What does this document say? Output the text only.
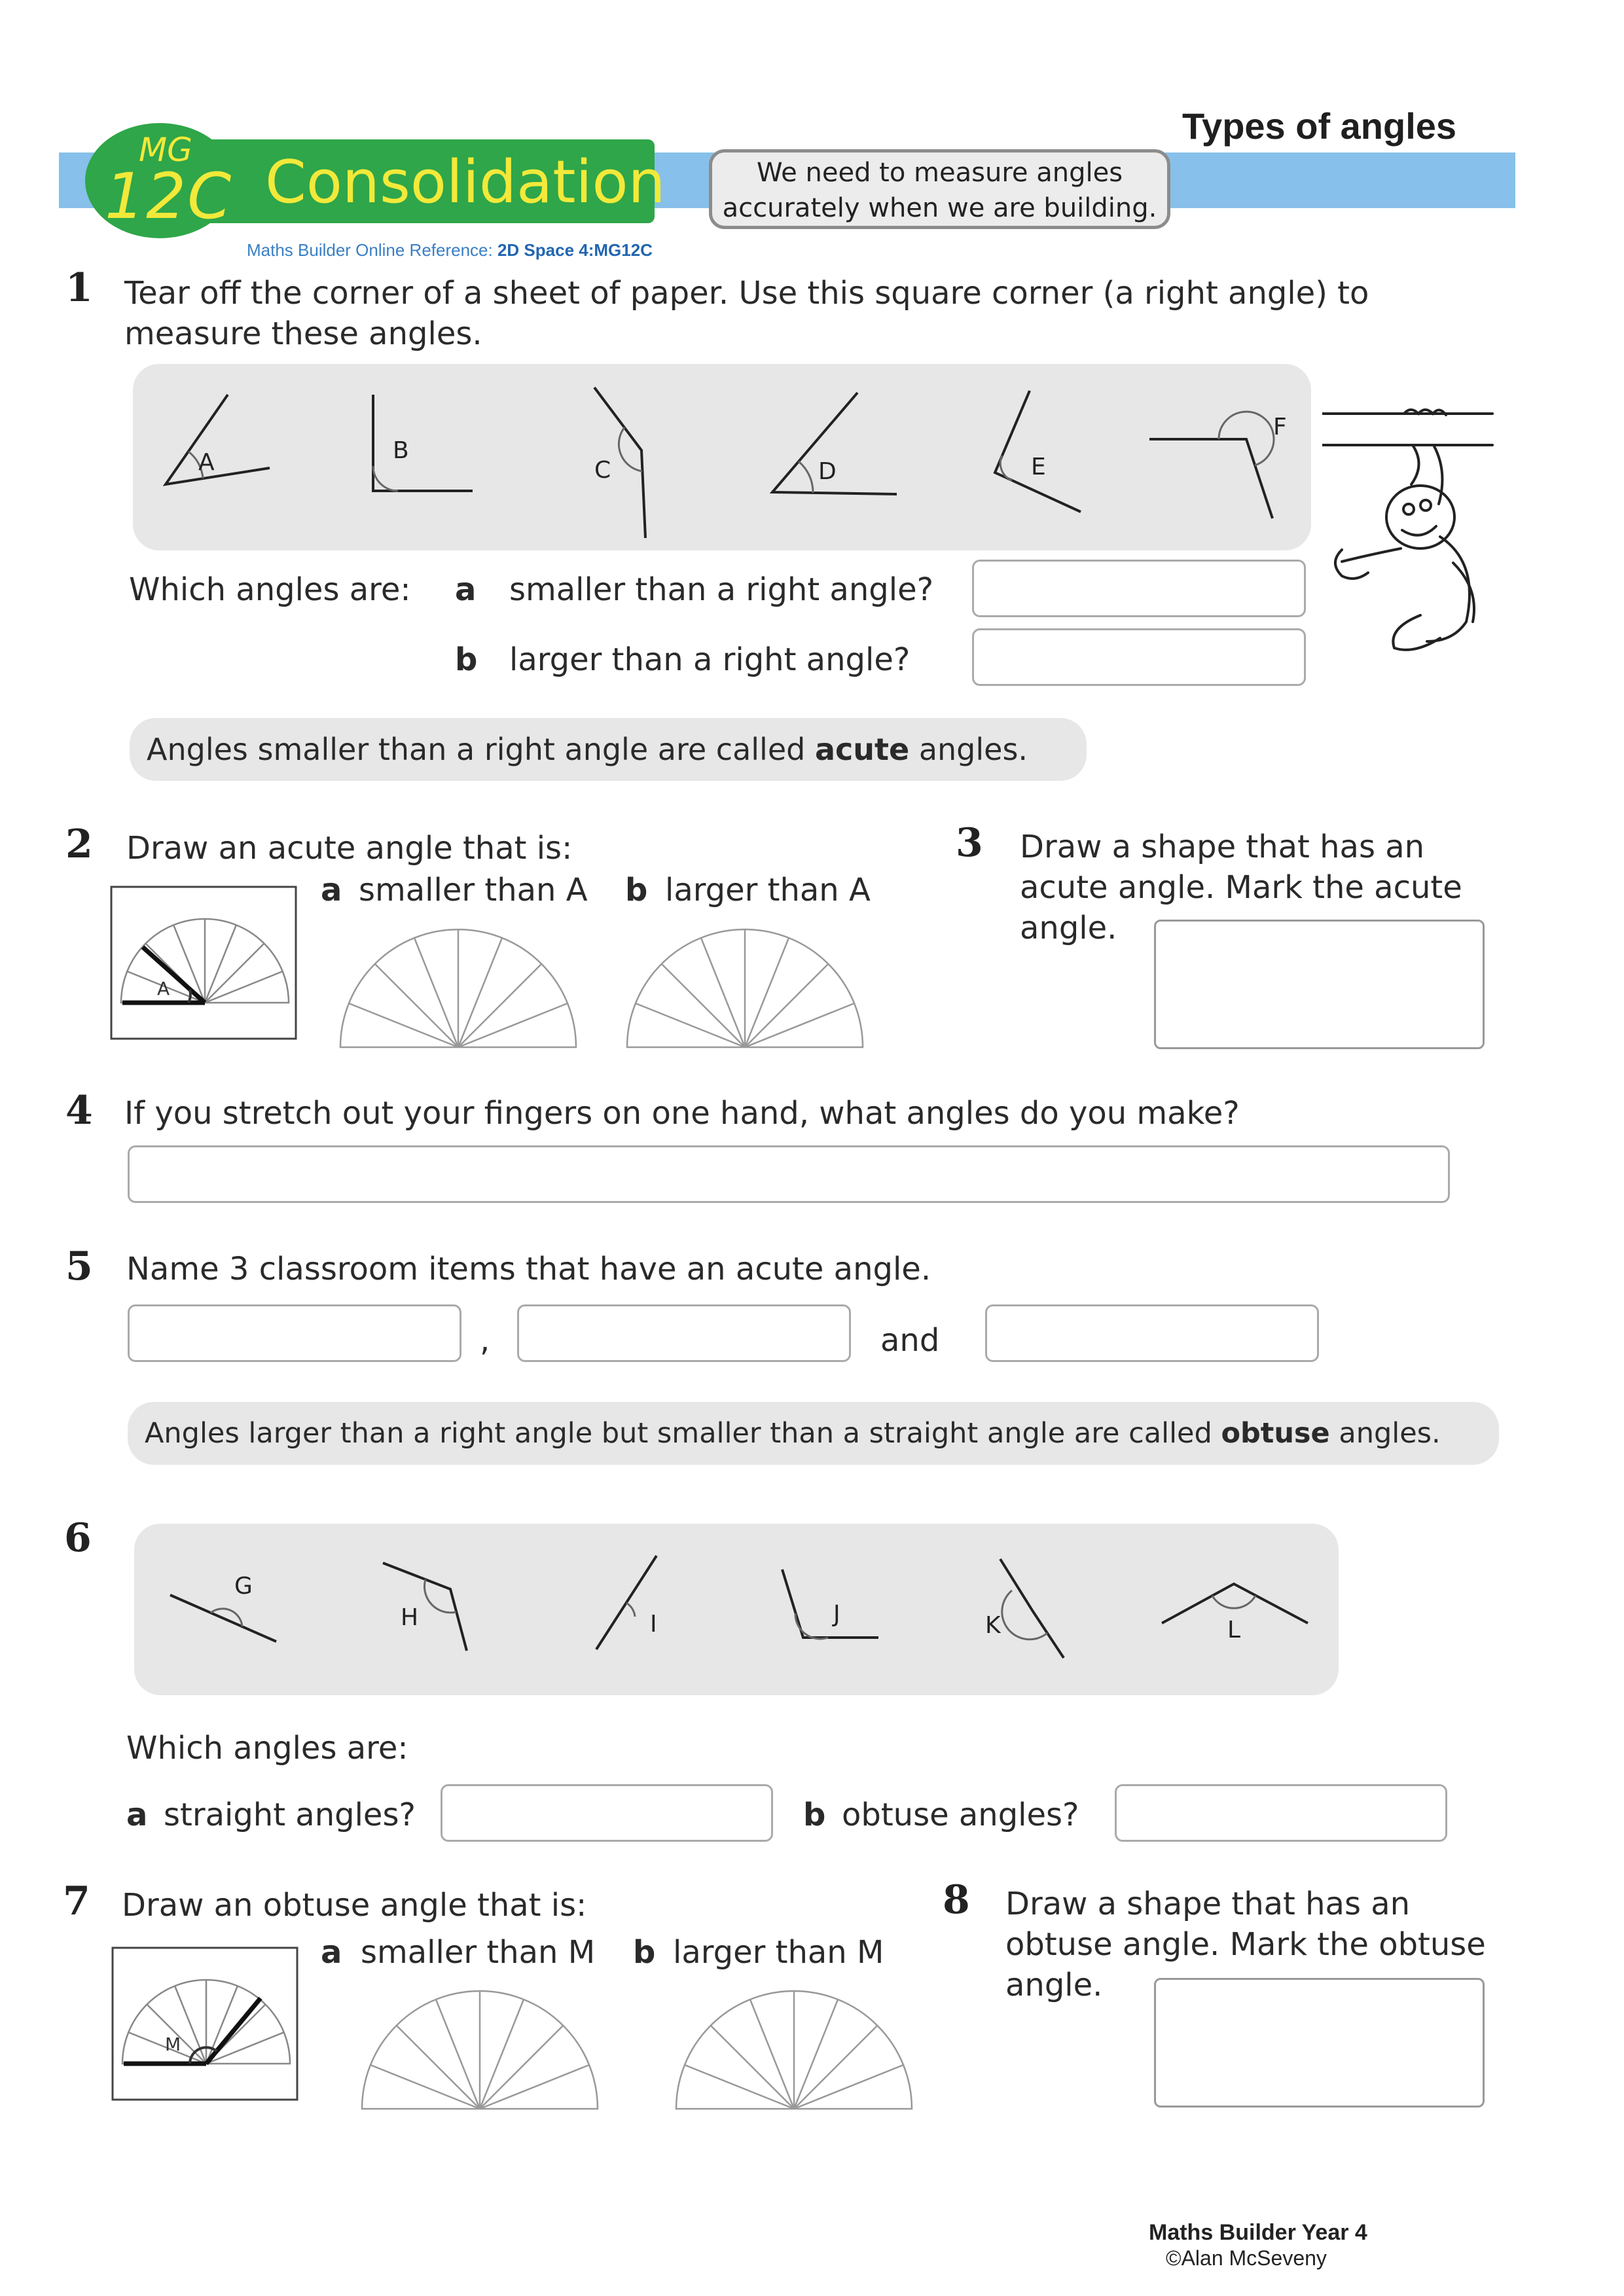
Types of angles
MG
12C Consolidation	We need to measure angles
accurately when we are building.
Maths Builder Online Reference: 2D Space 4:MG12C
1 Tear off the corner of a sheet of paper. Use this square corner (a right angle) to measure these angles.
A	B
C	D	E
F
Which angles are: a smaller than a right angle?
b larger than a right angle?
Angles smaller than a right angle are called acute angles.
2 Draw an acute angle that is:
a smaller than A b larger than A
A
3 Draw a shape that has an
acute angle. Mark the acute
angle.
4 If you stretch out your fingers on one hand, what angles do you make?
5 Name 3 classroom items that have an acute angle.
,	and
Angles larger than a right angle but smaller than a straight angle are called obtuse angles.
6
G
H	I	J	K	L
Which angles are:
a straight angles?	b obtuse angles?
7 Draw an obtuse angle that is:
a smaller than M b larger than M
M
8 Draw a shape that has an
obtuse angle. Mark the obtuse
angle.
Maths Builder Year 4
©Alan McSeveny
